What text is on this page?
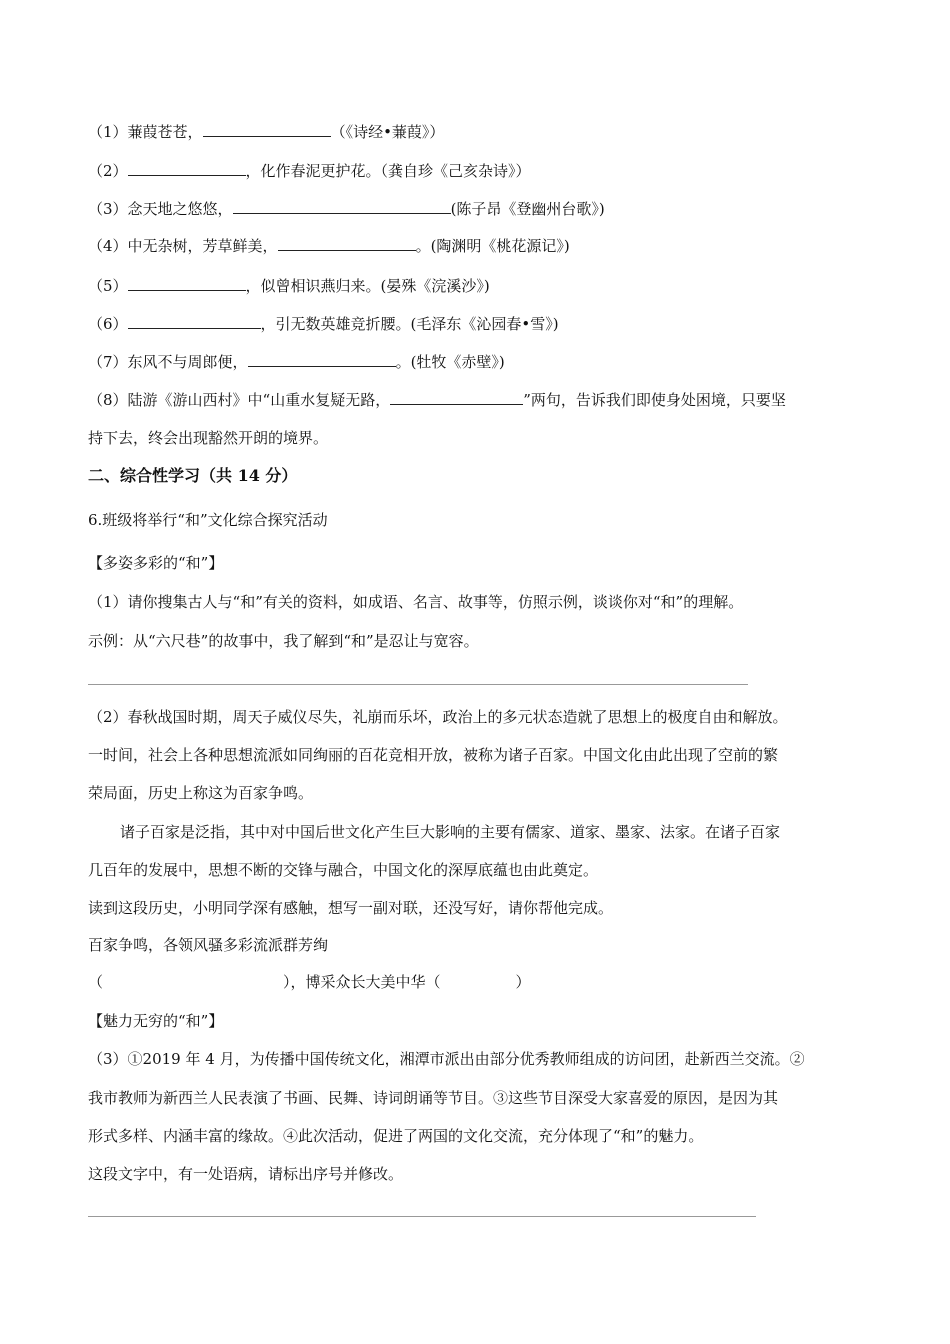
（1）蒹葭苍苍，	（《诗经•蒹葭》）
（2）	，化作春泥更护花。（龚自珍《己亥杂诗》）
（3）念天地之悠悠，	(陈子昂《登幽州台歌》)
（4）中无杂树，芳草鲜美，	。(陶渊明《桃花源记》)
（5）	，似曾相识燕归来。(晏殊《浣溪沙》)
（6）	，引无数英雄竞折腰。(毛泽东《沁园春•雪》)
（7）东风不与周郎便，	。(牡牧《赤壁》)
（8）陆游《游山西村》中“山重水复疑无路，	”两句，告诉我们即使身处困境，只要坚
持下去，终会出现豁然开朗的境界。
二、综合性学习（共 14 分）
6.班级将举行“和”文化综合探究活动
【多姿多彩的“和”】
（1）请你搜集古人与“和”有关的资料，如成语、名言、故事等，仿照示例，谈谈你对“和”的理解。
示例：从“六尺巷”的故事中，我了解到“和”是忍让与宽容。
（2）春秋战国时期，周天子威仪尽失，礼崩而乐坏，政治上的多元状态造就了思想上的极度自由和解放。
一时间，社会上各种思想流派如同绚丽的百花竞相开放，被称为诸子百家。中国文化由此出现了空前的繁
荣局面，历史上称这为百家争鸣。
诸子百家是泛指，其中对中国后世文化产生巨大影响的主要有儒家、道家、墨家、法家。在诸子百家
几百年的发展中，思想不断的交锋与融合，中国文化的深厚底蕴也由此奠定。
读到这段历史，小明同学深有感触，想写一副对联，还没写好，请你帮他完成。
百家争鸣，各领风骚多彩流派群芳绚
（	），博采众长大美中华（	）
【魅力无穷的“和”】
（3）①2019 年 4 月，为传播中国传统文化，湘潭市派出由部分优秀教师组成的访问团，赴新西兰交流。②
我市教师为新西兰人民表演了书画、民舞、诗词朗诵等节目。③这些节目深受大家喜爱的原因，是因为其
形式多样、内涵丰富的缘故。④此次活动，促进了两国的文化交流，充分体现了“和”的魅力。
这段文字中，有一处语病，请标出序号并修改。
